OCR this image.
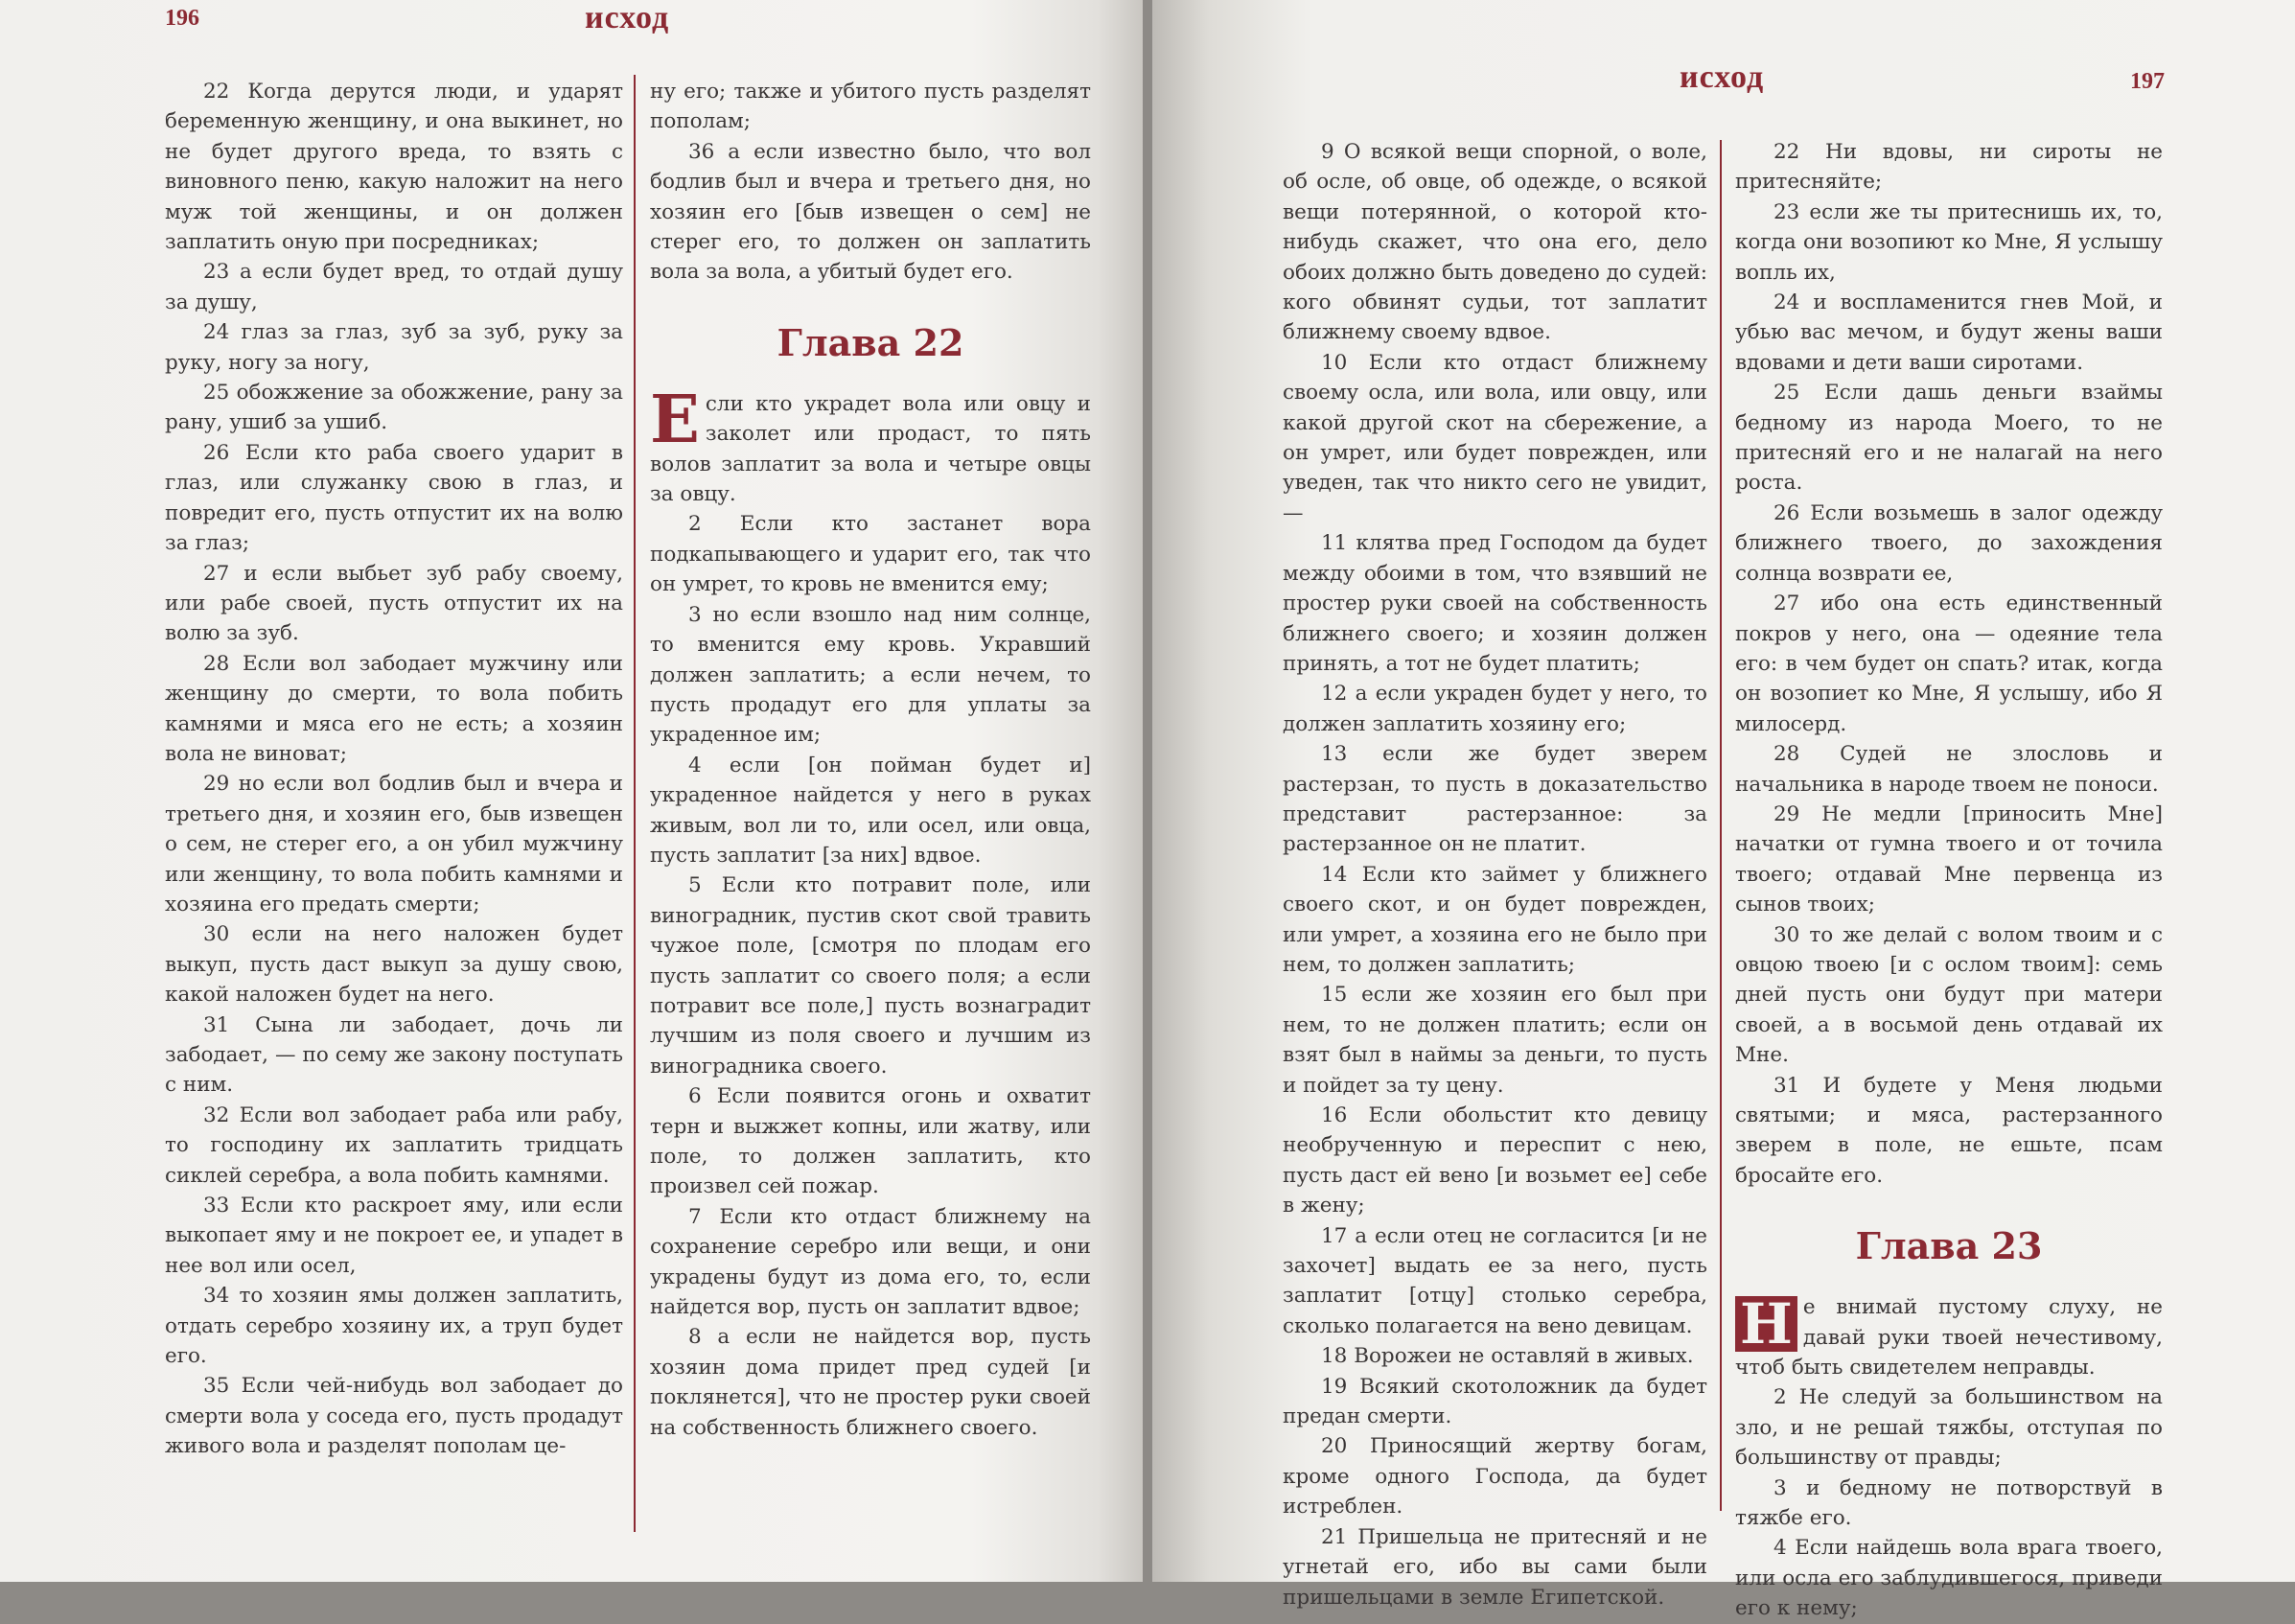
196	исход

22 Когда дерутся люди, и ударят беременную женщину, и она выкинет, но не будет другого вреда, то взять с виновного пеню, какую наложит на него муж той женщины, и он должен заплатить оную при посредниках;

23 а если будет вред, то отдай душу за душу,

24 глаз за глаз, зуб за зуб, руку за руку, ногу за ногу,

25 обожжение за обожжение, рану за рану, ушиб за ушиб.

26 Если кто раба своего ударит в глаз, или служанку свою в глаз, и повредит его, пусть отпустит их на волю за глаз;

27 и если выбьет зуб рабу своему, или рабе своей, пусть отпустит их на волю за зуб.

28 Если вол забодает мужчину или женщину до смерти, то вола побить камнями и мяса его не есть; а хозяин вола не виноват;

29 но если вол бодлив был и вчера и третьего дня, и хозяин его, быв извещен о сем, не стерег его, а он убил мужчину или женщину, то вола побить камнями и хозяина его предать смерти;

30 если на него наложен будет выкуп, пусть даст выкуп за душу свою, какой наложен будет на него.

31 Сына ли забодает, дочь ли забодает, — по сему же закону поступать с ним.

32 Если вол забодает раба или рабу, то господину их заплатить тридцать сиклей серебра, а вола побить камнями.

33 Если кто раскроет яму, или если выкопает яму и не покроет ее, и упадет в нее вол или осел,

34 то хозяин ямы должен заплатить, отдать серебро хозяину их, а труп будет его.

35 Если чей-нибудь вол забодает до смерти вола у соседа его, пусть продадут живого вола и разделят пополам це-

ну его; также и убитого пусть разделят пополам;

36 а если известно было, что вол бодлив был и вчера и третьего дня, но хозяин его [быв извещен о сем] не стерег его, то должен он заплатить вола за вола, а убитый будет его.

Глава 22

Если кто украдет вола или овцу и заколет или продаст, то пять волов заплатит за вола и четыре овцы за овцу.

2 Если кто застанет вора подкапывающего и ударит его, так что он умрет, то кровь не вменится ему;

3 но если взошло над ним солнце, то вменится ему кровь. Укравший должен заплатить; а если нечем, то пусть продадут его для уплаты за украденное им;

4 если [он пойман будет и] украденное найдется у него в руках живым, вол ли то, или осел, или овца, пусть заплатит [за них] вдвое.

5 Если кто потравит поле, или виноградник, пустив скот свой травить чужое поле, [смотря по плодам его пусть заплатит со своего поля; а если потравит все поле,] пусть вознаградит лучшим из поля своего и лучшим из виноградника своего.

6 Если появится огонь и охватит терн и выжжет копны, или жатву, или поле, то должен заплатить, кто произвел сей пожар.

7 Если кто отдаст ближнему на сохранение серебро или вещи, и они украдены будут из дома его, то, если найдется вор, пусть он заплатит вдвое;

8 а если не найдется вор, пусть хозяин дома придет пред судей [и поклянется], что не простер руки своей на собственность ближнего своего.

197
исход

9 О всякой вещи спорной, о воле, об осле, об овце, об одежде, о всякой вещи потерянной, о которой кто-нибудь скажет, что она его, дело обоих должно быть доведено до судей: кого обвинят судьи, тот заплатит ближнему своему вдвое.

10 Если кто отдаст ближнему своему осла, или вола, или овцу, или какой другой скот на сбережение, а он умрет, или будет поврежден, или уведен, так что никто сего не увидит, —

11 клятва пред Господом да будет между обоими в том, что взявший не простер руки своей на собственность ближнего своего; и хозяин должен принять, а тот не будет платить;

12 а если украден будет у него, то должен заплатить хозяину его;

13 если же будет зверем растерзан, то пусть в доказательство представит растерзанное: за растерзанное он не платит.

14 Если кто займет у ближнего своего скот, и он будет поврежден, или умрет, а хозяина его не было при нем, то должен заплатить;

15 если же хозяин его был при нем, то не должен платить; если он взят был в наймы за деньги, то пусть и пойдет за ту цену.

16 Если обольстит кто девицу необрученную и переспит с нею, пусть даст ей вено [и возьмет ее] себе в жену;

17 а если отец не согласится [и не захочет] выдать ее за него, пусть заплатит [отцу] столько серебра, сколько полагается на вено девицам.

18 Ворожеи не оставляй в живых.

19 Всякий скотоложник да будет предан смерти.

20 Приносящий жертву богам, кроме одного Господа, да будет истреблен.

21 Пришельца не притесняй и не угнетай его, ибо вы сами были пришельцами в земле Египетской.

22 Ни вдовы, ни сироты не притесняйте;

23 если же ты притеснишь их, то, когда они возопиют ко Мне, Я услышу вопль их,

24 и воспламенится гнев Мой, и убью вас мечом, и будут жены ваши вдовами и дети ваши сиротами.

25 Если дашь деньги взаймы бедному из народа Моего, то не притесняй его и не налагай на него роста.

26 Если возьмешь в залог одежду ближнего твоего, до захождения солнца возврати ее,

27 ибо она есть единственный покров у него, она — одеяние тела его: в чем будет он спать? итак, когда он возопиет ко Мне, Я услышу, ибо Я милосерд.

28 Судей не злословь и начальника в народе твоем не поноси.

29 Не медли [приносить Мне] начатки от гумна твоего и от точила твоего; отдавай Мне первенца из сынов твоих;

30 то же делай с волом твоим и с овцою твоею [и с ослом твоим]: семь дней пусть они будут при матери своей, а в восьмой день отдавай их Мне.

31 И будете у Меня людьми святыми; и мяса, растерзанного зверем в поле, не ешьте, псам бросайте его.

Глава 23

Н е внимай пустому слуху, не давай руки твоей нечестивому, чтоб быть свидетелем неправды.

2 Не следуй за большинством на зло, и не решай тяжбы, отступая по большинству от правды;

3 и бедному не потворствуй в тяжбе его.

4 Если найдешь вола врага твоего, или осла его заблудившегося, приведи его к нему;
